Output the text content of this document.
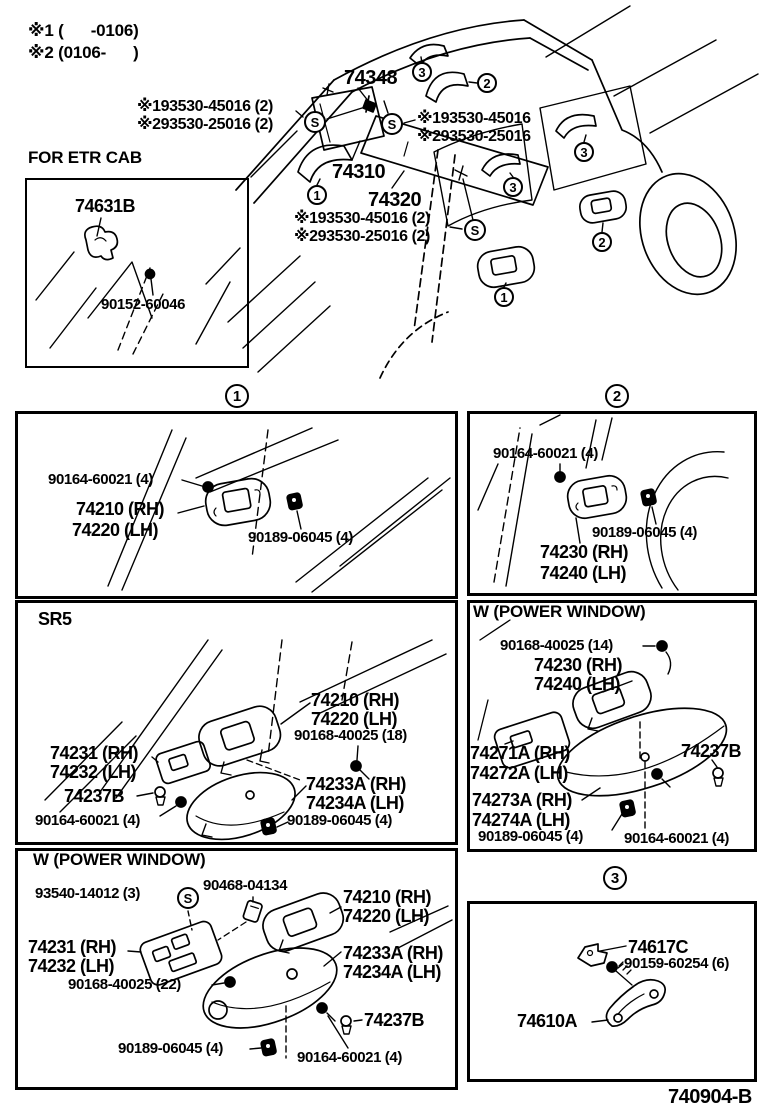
※1 (      -0106)
※2 (0106-      )
74348
※193530-45016 (2)
※293530-25016 (2)	※193530-45016
※293530-25016
74310
74320
※193530-45016 (2)
※293530-25016 (2)
S	S
S
3
2
3
3
1
2
1
FOR ETR CAB
74631B
90152-60046
1	2
3
90164-60021 (4)
74210 (RH)
74220 (LH)	90189-06045 (4)
90164-60021 (4)
90189-06045 (4)
74230 (RH)
74240 (LH)
SR5
74210 (RH)
74220 (LH)
90168-40025 (18)
74231 (RH)
74232 (LH)
74237B
90164-60021 (4)
74233A (RH)
74234A (LH)
90189-06045 (4)
W (POWER WINDOW)
93540-14012 (3)	S
90468-04134
74210 (RH)
74220 (LH)
74231 (RH)
74232 (LH)
90168-40025 (22)
74233A (RH)
74234A (LH)
74237B
90189-06045 (4)
90164-60021 (4)
W (POWER WINDOW)
90168-40025 (14)
74230 (RH)
74240 (LH)
74271A (RH)
74272A (LH)
74237B
74273A (RH)
74274A (LH)
90189-06045 (4)	90164-60021 (4)
74617C
90159-60254 (6)
74610A
740904-B
